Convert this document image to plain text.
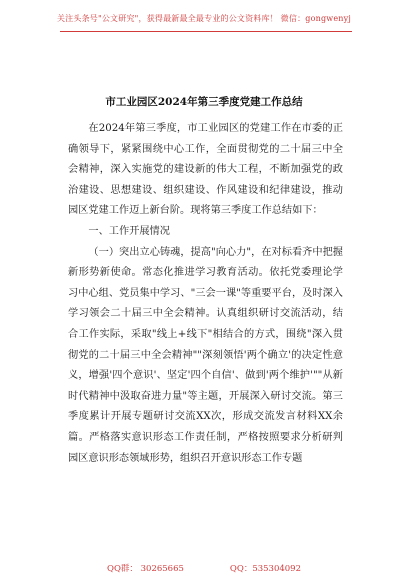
关注头条号"公文研究"，获得最新最全最专业的公文资料库！ 微信：gongwenyj
市工业园区2024年第三季度党建工作总结

在2024年第三季度，市工业园区的党建工作在市委的正确领导下，紧紧围绕中心工作，全面贯彻党的二十届三中全会精神，深入实施党的建设新的伟大工程，不断加强党的政治建设、思想建设、组织建设、作风建设和纪律建设，推动园区党建工作迈上新台阶。现将第三季度工作总结如下：

一、工作开展情况

（一）突出立心铸魂，提高"向心力"，在对标看齐中把握新形势新使命。常态化推进学习教育活动。依托党委理论学习中心组、党员集中学习、"三会一课"等重要平台，及时深入学习领会二十届三中全会精神。认真组织研讨交流活动，结合工作实际，采取"线上+线下"相结合的方式，围绕"深入贯彻党的二十届三中全会精神""深刻领悟'两个确立'的决定性意义，增强'四个意识'、坚定'四个自信'、做到'两个维护'""从新时代精神中汲取奋进力量"等主题，开展深入研讨交流。第三季度累计开展专题研讨交流XX次，形成交流发言材料XX余篇。严格落实意识形态工作责任制，严格按照要求分析研判园区意识形态领域形势，组织召开意识形态工作专题

QQ群： 30265665	QQ：535304092
